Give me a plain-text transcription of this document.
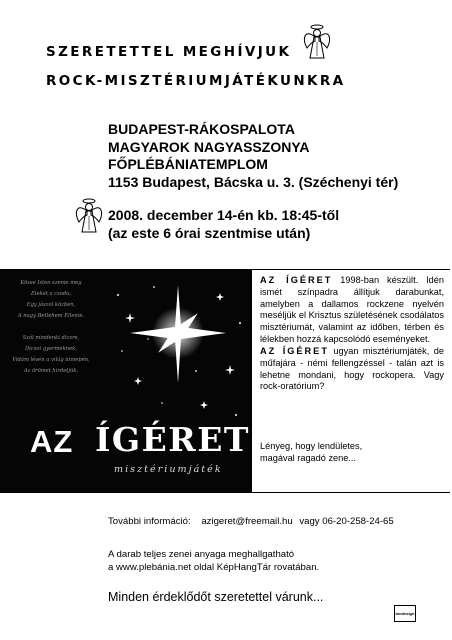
SZERETETTEL MEGHÍVJUK
ROCK-MISZTÉRIUMJÁTÉKUNKRA
BUDAPEST-RÁKOSPALOTA
MAGYAROK NAGYASSZONYA
FŐPLÉBÁNIATEMPLOM
1153 Budapest, Bácska u. 3. (Széchenyi tér)
2008. december 14-én kb. 18:45-től
(az este 6 órai szentmise után)
Kösse Isten szeme meg
Éleket a csoda,
Egy jászol közben,
A nagy Betlehem Ellenie.

Szól mindenki dícsre,
Dicsoi gyermeknek,
Vidám lévén a világ ünnepén,
Az örömet hirdetjük.
AZ ÍGÉRET
misztériumjáték

AZ ÍGÉRET 1998-ban készült. Idén ismét színpadra állítjuk darabunkat, amelyben a dallamos rockzene nyelvén meséljük el Krisztus születésének csodálatos misztériumát, valamint az időben, térben és lélekben hozzá kapcsolódó eseményeket.

AZ ÍGÉRET ugyan misztériumjáték, de műfajára - némi fellengzéssel - talán azt is lehetne mondani, hogy rockopera. Vagy rock-oratórium?

Lényeg, hogy lendületes,
magával ragadó zene...
További információ: azigeret@freemail.hu vagy 06-20-258-24-65
A darab teljes zenei anyaga meghallgatható
a www.plebánia.net oldal KépHangTár rovatában.
Minden érdeklődőt szeretettel várunk...
bmdesign
